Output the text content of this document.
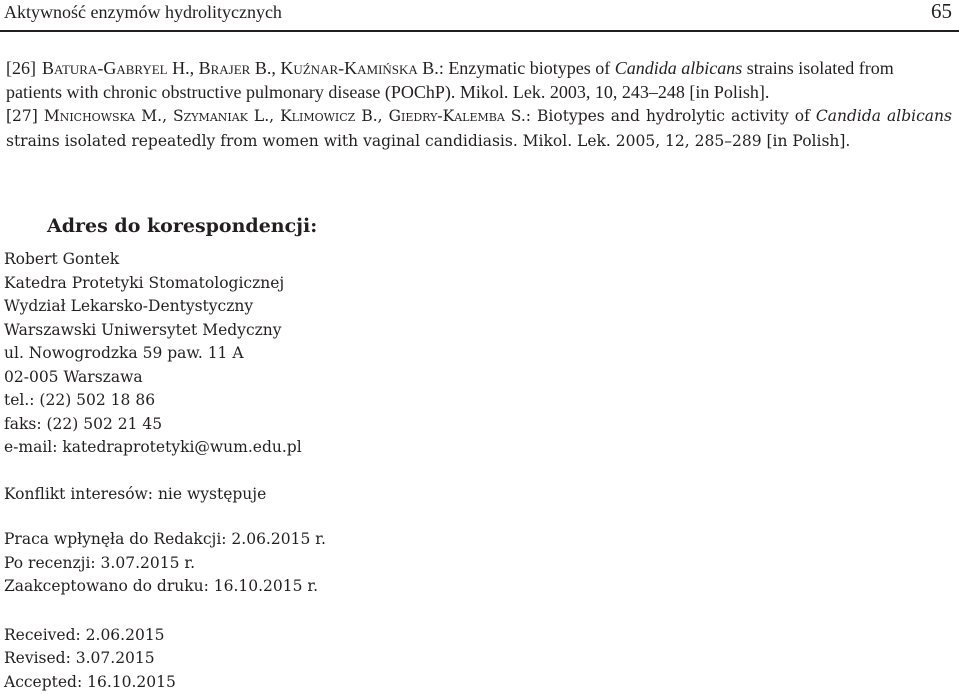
Aktywność enzymów hydrolitycznych	65

[26] Batura-Gabryel H., Brajer B., Kuźnar-Kamińska B.: Enzymatic biotypes of Candida albicans strains isolated from patients with chronic obstructive pulmonary disease (POChP). Mikol. Lek. 2003, 10, 243–248 [in Polish].

[27] Mnichowska M., Szymaniak L., Klimowicz B., Giedry-Kalemba S.: Biotypes and hydrolytic activity of Candida albicans strains isolated repeatedly from women with vaginal candidiasis. Mikol. Lek. 2005, 12, 285–289 [in Polish].

Adres do korespondencji:
Robert Gontek
Katedra Protetyki Stomatologicznej
Wydział Lekarsko-Dentystyczny
Warszawski Uniwersytet Medyczny
ul. Nowogrodzka 59 paw. 11 A
02-005 Warszawa
tel.: (22) 502 18 86
faks: (22) 502 21 45
e-mail: katedraprotetyki@wum.edu.pl
Konflikt interesów: nie występuje
Praca wpłynęła do Redakcji: 2.06.2015 r.
Po recenzji: 3.07.2015 r.
Zaakceptowano do druku: 16.10.2015 r.
Received: 2.06.2015
Revised: 3.07.2015
Accepted: 16.10.2015
